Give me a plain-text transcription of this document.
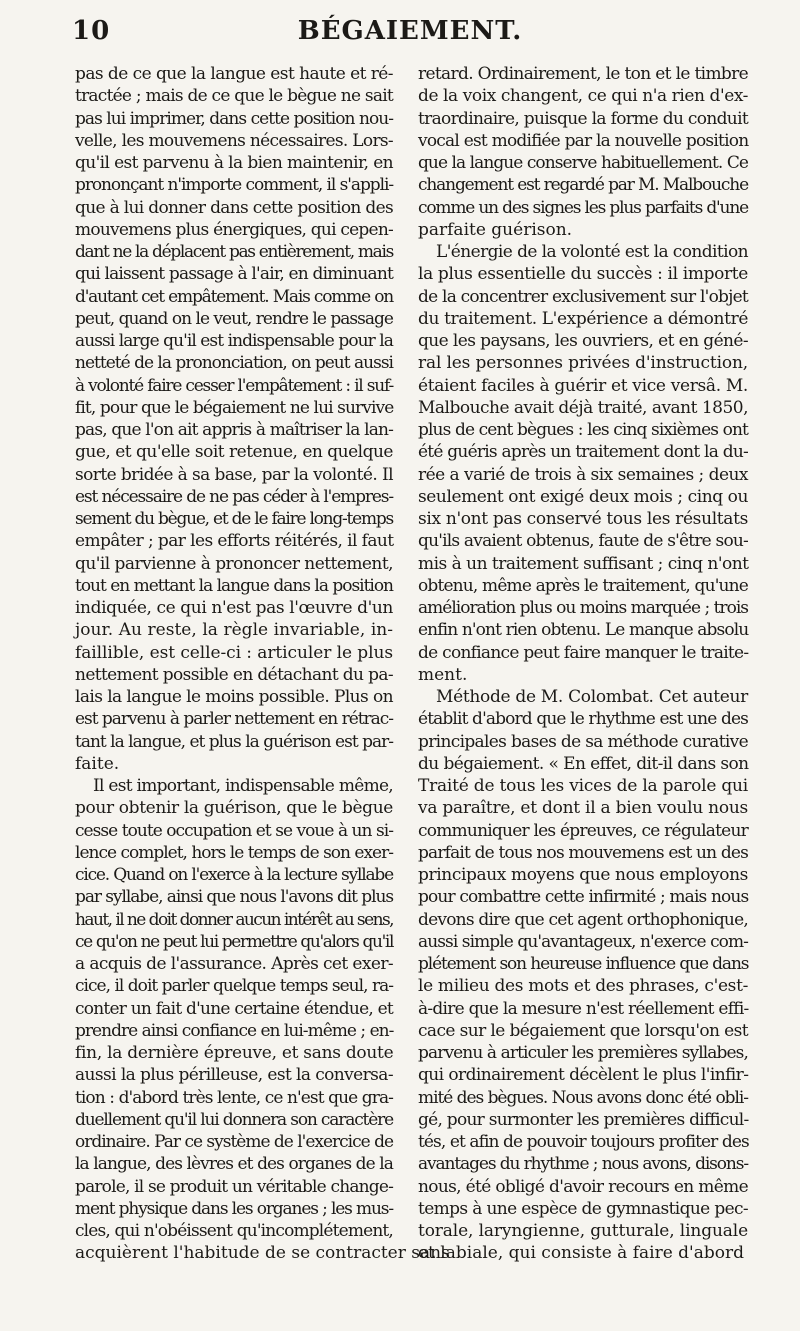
10	BÉGAIEMENT.
pas de ce que la langue est haute et ré-
tractée ; mais de ce que le bègue ne sait
pas lui imprimer, dans cette position nou-
velle, les mouvemens nécessaires. Lors-
qu'il est parvenu à la bien maintenir, en
prononçant n'importe comment, il s'appli-
que à lui donner dans cette position des
mouvemens plus énergiques, qui cepen-
dant ne la déplacent pas entièrement, mais
qui laissent passage à l'air, en diminuant
d'autant cet empâtement. Mais comme on
peut, quand on le veut, rendre le passage
aussi large qu'il est indispensable pour la
netteté de la prononciation, on peut aussi
à volonté faire cesser l'empâtement : il suf-
fit, pour que le bégaiement ne lui survive
pas, que l'on ait appris à maîtriser la lan-
gue, et qu'elle soit retenue, en quelque
sorte bridée à sa base, par la volonté. Il
est nécessaire de ne pas céder à l'empres-
sement du bègue, et de le faire long-temps
empâter ; par les efforts réitérés, il faut
qu'il parvienne à prononcer nettement,
tout en mettant la langue dans la position
indiquée, ce qui n'est pas l'œuvre d'un
jour. Au reste, la règle invariable, in-
faillible, est celle-ci : articuler le plus
nettement possible en détachant du pa-
lais la langue le moins possible. Plus on
est parvenu à parler nettement en rétrac-
tant la langue, et plus la guérison est par-
faite.
Il est important, indispensable même,
pour obtenir la guérison, que le bègue
cesse toute occupation et se voue à un si-
lence complet, hors le temps de son exer-
cice. Quand on l'exerce à la lecture syllabe
par syllabe, ainsi que nous l'avons dit plus
haut, il ne doit donner aucun intérêt au sens,
ce qu'on ne peut lui permettre qu'alors qu'il
a acquis de l'assurance. Après cet exer-
cice, il doit parler quelque temps seul, ra-
conter un fait d'une certaine étendue, et
prendre ainsi confiance en lui-même ; en-
fin, la dernière épreuve, et sans doute
aussi la plus périlleuse, est la conversa-
tion : d'abord très lente, ce n'est que gra-
duellement qu'il lui donnera son caractère
ordinaire. Par ce système de l'exercice de
la langue, des lèvres et des organes de la
parole, il se produit un véritable change-
ment physique dans les organes ; les mus-
cles, qui n'obéissent qu'incomplétement,
acquièrent l'habitude de se contracter sans
retard. Ordinairement, le ton et le timbre
de la voix changent, ce qui n'a rien d'ex-
traordinaire, puisque la forme du conduit
vocal est modifiée par la nouvelle position
que la langue conserve habituellement. Ce
changement est regardé par M. Malbouche
comme un des signes les plus parfaits d'une
parfaite guérison.
L'énergie de la volonté est la condition
la plus essentielle du succès : il importe
de la concentrer exclusivement sur l'objet
du traitement. L'expérience a démontré
que les paysans, les ouvriers, et en géné-
ral les personnes privées d'instruction,
étaient faciles à guérir et vice versâ. M.
Malbouche avait déjà traité, avant 1850,
plus de cent bègues : les cinq sixièmes ont
été guéris après un traitement dont la du-
rée a varié de trois à six semaines ; deux
seulement ont exigé deux mois ; cinq ou
six n'ont pas conservé tous les résultats
qu'ils avaient obtenus, faute de s'être sou-
mis à un traitement suffisant ; cinq n'ont
obtenu, même après le traitement, qu'une
amélioration plus ou moins marquée ; trois
enfin n'ont rien obtenu. Le manque absolu
de confiance peut faire manquer le traite-
ment.
Méthode de M. Colombat. Cet auteur
établit d'abord que le rhythme est une des
principales bases de sa méthode curative
du bégaiement. « En effet, dit-il dans son
Traité de tous les vices de la parole qui
va paraître, et dont il a bien voulu nous
communiquer les épreuves, ce régulateur
parfait de tous nos mouvemens est un des
principaux moyens que nous employons
pour combattre cette infirmité ; mais nous
devons dire que cet agent orthophonique,
aussi simple qu'avantageux, n'exerce com-
plétement son heureuse influence que dans
le milieu des mots et des phrases, c'est-
à-dire que la mesure n'est réellement effi-
cace sur le bégaiement que lorsqu'on est
parvenu à articuler les premières syllabes,
qui ordinairement décèlent le plus l'infir-
mité des bègues. Nous avons donc été obli-
gé, pour surmonter les premières difficul-
tés, et afin de pouvoir toujours profiter des
avantages du rhythme ; nous avons, disons-
nous, été obligé d'avoir recours en même
temps à une espèce de gymnastique pec-
torale, laryngienne, gutturale, linguale
et labiale, qui consiste à faire d'abord
